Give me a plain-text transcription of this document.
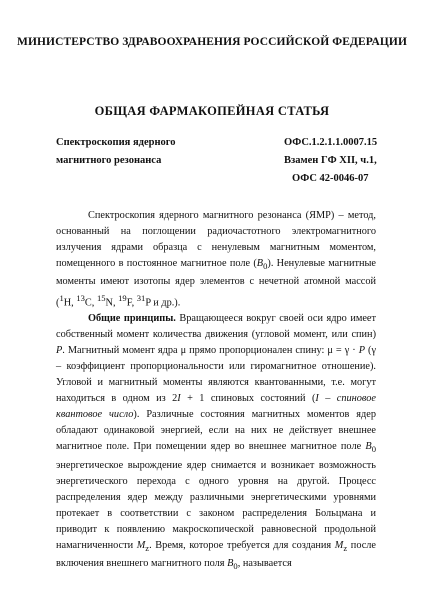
МИНИСТЕРСТВО ЗДРАВООХРАНЕНИЯ РОССИЙСКОЙ ФЕДЕРАЦИИ
ОБЩАЯ ФАРМАКОПЕЙНАЯ СТАТЬЯ
Спектроскопия ядерного
магнитного резонанса
ОФС.1.2.1.1.0007.15
Взамен ГФ XII, ч.1,
ОФС 42-0046-07

Спектроскопия ядерного магнитного резонанса (ЯМР) – метод, основанный на поглощении радиочастотного электромагнитного излучения ядрами образца с ненулевым магнитным моментом, помещенного в постоянное магнитное поле $(B_0)$. Ненулевые магнитные моменты имеют изотопы ядер элементов с нечетной атомной массой ($^1$H, $^{13}$C, $^{15}$N, $^{19}$F, $^{31}$P и др.).

Общие принципы. Вращающееся вокруг своей оси ядро имеет собственный момент количества движения (угловой момент, или спин) P. Магнитный момент ядра μ прямо пропорционален спину: μ = γ · P (γ – коэффициент пропорциональности или гиромагнитное отношение). Угловой и магнитный моменты являются квантованными, т.е. могут находиться в одном из 2I + 1 спиновых состояний (I – спиновое квантовое число). Различные состояния магнитных моментов ядер обладают одинаковой энергией, если на них не действует внешнее магнитное поле. При помещении ядер во внешнее магнитное поле $B_0$ энергетическое вырождение ядер снимается и возникает возможность энергетического перехода с одного уровня на другой. Процесс распределения ядер между различными энергетическими уровнями протекает в соответствии с законом распределения Больцмана и приводит к появлению макроскопической равновесной продольной намагниченности $M_z$. Время, которое требуется для создания $M_z$ после включения внешнего магнитного поля $B_0$, называется
